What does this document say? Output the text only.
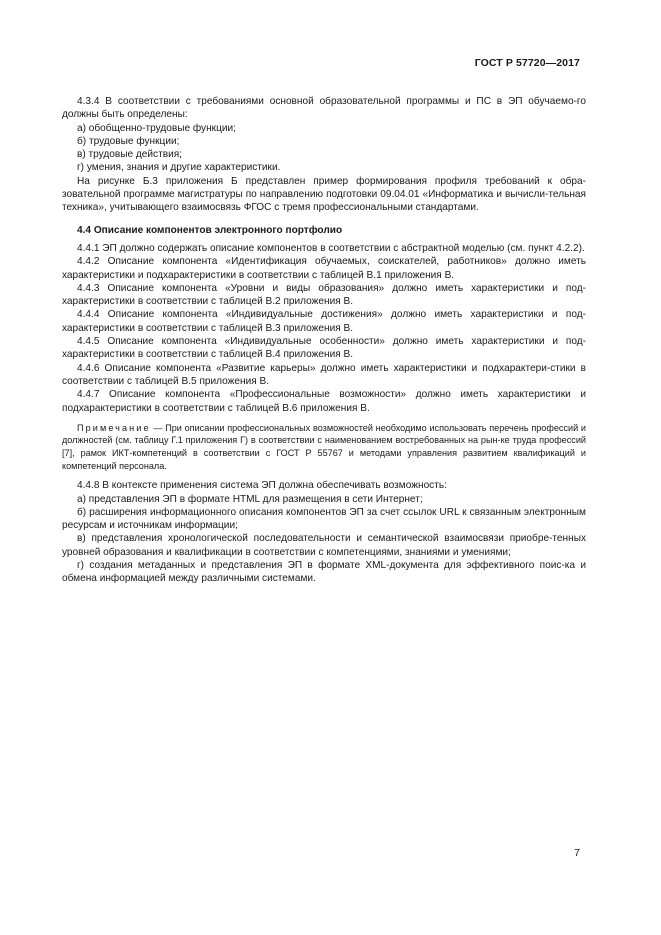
ГОСТ Р 57720—2017

4.3.4 В соответствии с требованиями основной образовательной программы и ПС в ЭП обучаемо-го должны быть определены:

а) обобщенно-трудовые функции;

б) трудовые функции;

в) трудовые действия;

г) умения, знания и другие характеристики.

На рисунке Б.3 приложения Б представлен пример формирования профиля требований к обра-зовательной программе магистратуры по направлению подготовки 09.04.01 «Информатика и вычисли-тельная техника», учитывающего взаимосвязь ФГОС с тремя профессиональными стандартами.

4.4 Описание компонентов электронного портфолио

4.4.1 ЭП должно содержать описание компонентов в соответствии с абстрактной моделью (см. пункт 4.2.2).

4.4.2 Описание компонента «Идентификация обучаемых, соискателей, работников» должно иметь характеристики и подхарактеристики в соответствии с таблицей В.1 приложения В.

4.4.3 Описание компонента «Уровни и виды образования» должно иметь характеристики и под-характеристики в соответствии с таблицей В.2 приложения В.

4.4.4 Описание компонента «Индивидуальные достижения» должно иметь характеристики и под-характеристики в соответствии с таблицей В.3 приложения В.

4.4.5 Описание компонента «Индивидуальные особенности» должно иметь характеристики и под-характеристики в соответствии с таблицей В.4 приложения В.

4.4.6 Описание компонента «Развитие карьеры» должно иметь характеристики и подхарактери-стики в соответствии с таблицей В.5 приложения В.

4.4.7 Описание компонента «Профессиональные возможности» должно иметь характеристики и подхарактеристики в соответствии с таблицей В.6 приложения В.

Примечание — При описании профессиональных возможностей необходимо использовать перечень профессий и должностей (см. таблицу Г.1 приложения Г) в соответствии с наименованием востребованных на рын-ке труда профессий [7], рамок ИКТ-компетенций в соответствии с ГОСТ Р 55767 и методами управления развитием квалификаций и компетенций персонала.

4.4.8 В контексте применения система ЭП должна обеспечивать возможность:

а) представления ЭП в формате HTML для размещения в сети Интернет;

б) расширения информационного описания компонентов ЭП за счет ссылок URL к связанным электронным ресурсам и источникам информации;

в) представления хронологической последовательности и семантической взаимосвязи приобре-тенных уровней образования и квалификации в соответствии с компетенциями, знаниями и умениями;

г) создания метаданных и представления ЭП в формате XML-документа для эффективного поис-ка и обмена информацией между различными системами.

7
